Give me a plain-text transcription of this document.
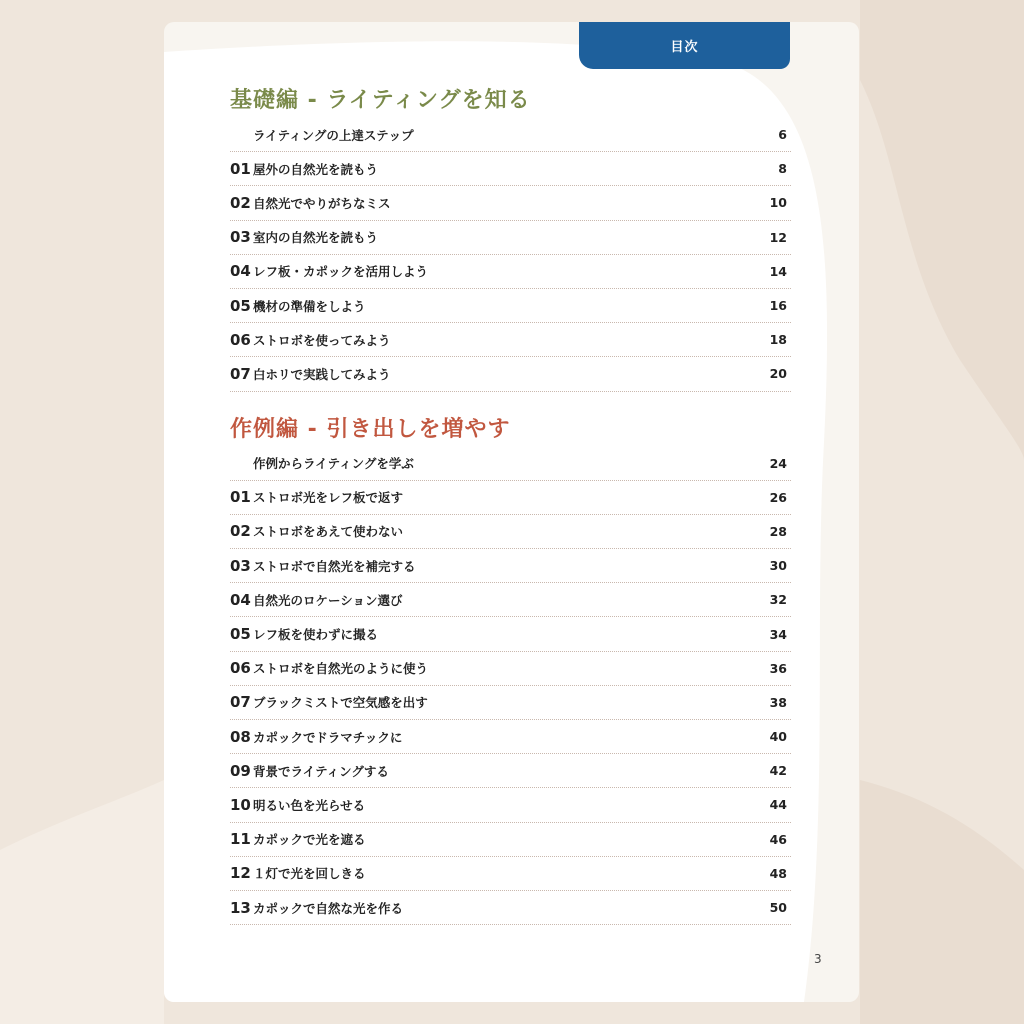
目次
基礎編 - ライティングを知る
ライティングの上達ステップ	6
01 屋外の自然光を読もう	8
02 自然光でやりがちなミス	10
03 室内の自然光を読もう	12
04 レフ板・カポックを活用しよう	14
05 機材の準備をしよう	16
06 ストロボを使ってみよう	18
07 白ホリで実践してみよう	20
作例編 - 引き出しを増やす
作例からライティングを学ぶ	24
01 ストロボ光をレフ板で返す	26
02 ストロボをあえて使わない	28
03 ストロボで自然光を補完する	30
04 自然光のロケーション選び	32
05 レフ板を使わずに撮る	34
06 ストロボを自然光のように使う	36
07 ブラックミストで空気感を出す	38
08 カポックでドラマチックに	40
09 背景でライティングする	42
10 明るい色を光らせる	44
11 カポックで光を遮る	46
12 １灯で光を回しきる	48
13 カポックで自然な光を作る	50
3
